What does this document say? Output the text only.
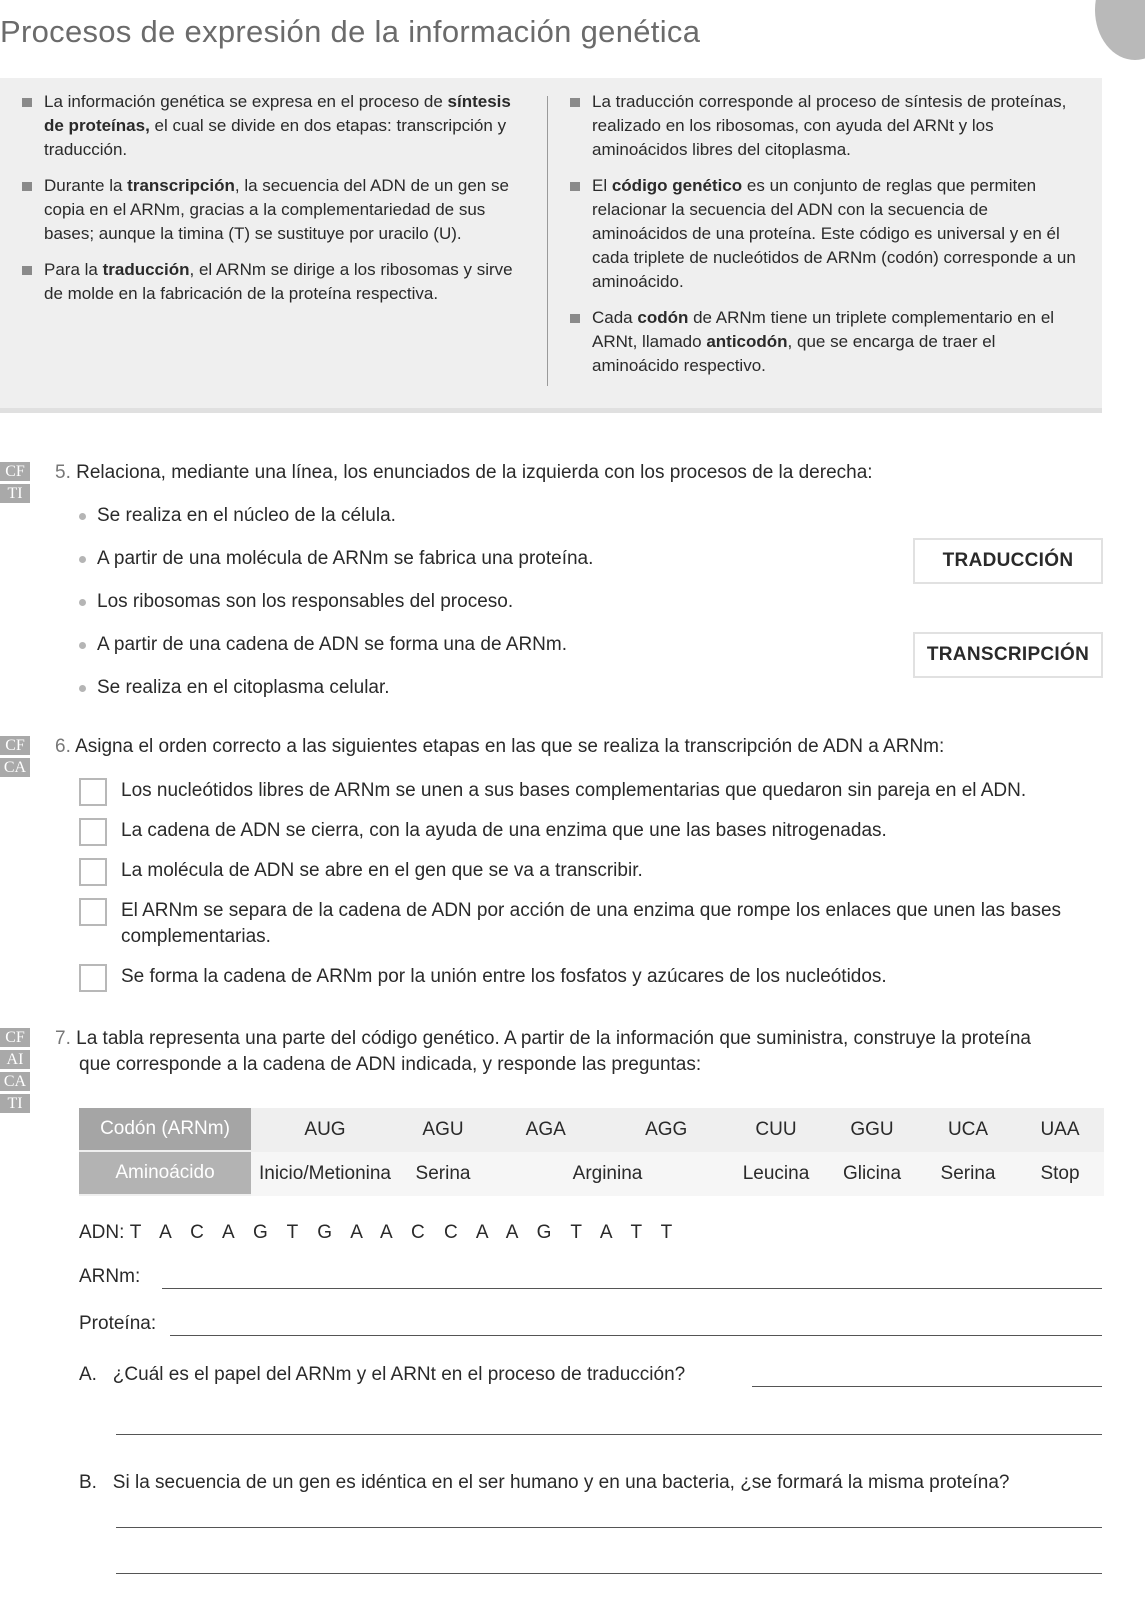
Procesos de expresión de la información genética

La información genética se expresa en el proceso de síntesis de proteínas, el cual se divide en dos etapas: transcripción y traducción.

Durante la transcripción, la secuencia del ADN de un gen se copia en el ARNm, gracias a la complementariedad de sus bases; aunque la timina (T) se sustituye por uracilo (U).

Para la traducción, el ARNm se dirige a los ribosomas y sirve de molde en la fabricación de la proteína respectiva.

La traducción corresponde al proceso de síntesis de proteínas, realizado en los ribosomas, con ayuda del ARNt y los aminoácidos libres del citoplasma.

El código genético es un conjunto de reglas que permiten relacionar la secuencia del ADN con la secuencia de aminoácidos de una proteína. Este código es universal y en él cada triplete de nucleótidos de ARNm (codón) corresponde a un aminoácido.

Cada codón de ARNm tiene un triplete complementario en el ARNt, llamado anticodón, que se encarga de traer el aminoácido respectivo.

CF
TI

5. Relaciona, mediante una línea, los enunciados de la izquierda con los procesos de la derecha:

Se realiza en el núcleo de la célula.

A partir de una molécula de ARNm se fabrica una proteína.

Los ribosomas son los responsables del proceso.

A partir de una cadena de ADN se forma una de ARNm.

Se realiza en el citoplasma celular.

TRADUCCIÓN
TRANSCRIPCIÓN
CF
CA

6. Asigna el orden correcto a las siguientes etapas en las que se realiza la transcripción de ADN a ARNm:

Los nucleótidos libres de ARNm se unen a sus bases complementarias que quedaron sin pareja en el ADN.
La cadena de ADN se cierra, con la ayuda de una enzima que une las bases nitrogenadas.
La molécula de ADN se abre en el gen que se va a transcribir.
El ARNm se separa de la cadena de ADN por acción de una enzima que rompe los enlaces que unen las bases complementarias.
Se forma la cadena de ARNm por la unión entre los fosfatos y azúcares de los nucleótidos.
CF
AI
CA
TI

7. La tabla representa una parte del código genético. A partir de la información que suministra, construye la proteína que corresponde a la cadena de ADN indicada, y responde las preguntas:

Codón (ARNm)	AUG	AGU	AGA	AGG	CUU	GGU	UCA	UAA
Aminoácido	Inicio/Metionina	Serina	Arginina		Leucina	Glicina	Serina	Stop

ADN: T A C A G T G A A C C A A G T A T T

ARNm:

Proteína:

A. ¿Cuál es el papel del ARNm y el ARNt en el proceso de traducción?

B. Si la secuencia de un gen es idéntica en el ser humano y en una bacteria, ¿se formará la misma proteína?
